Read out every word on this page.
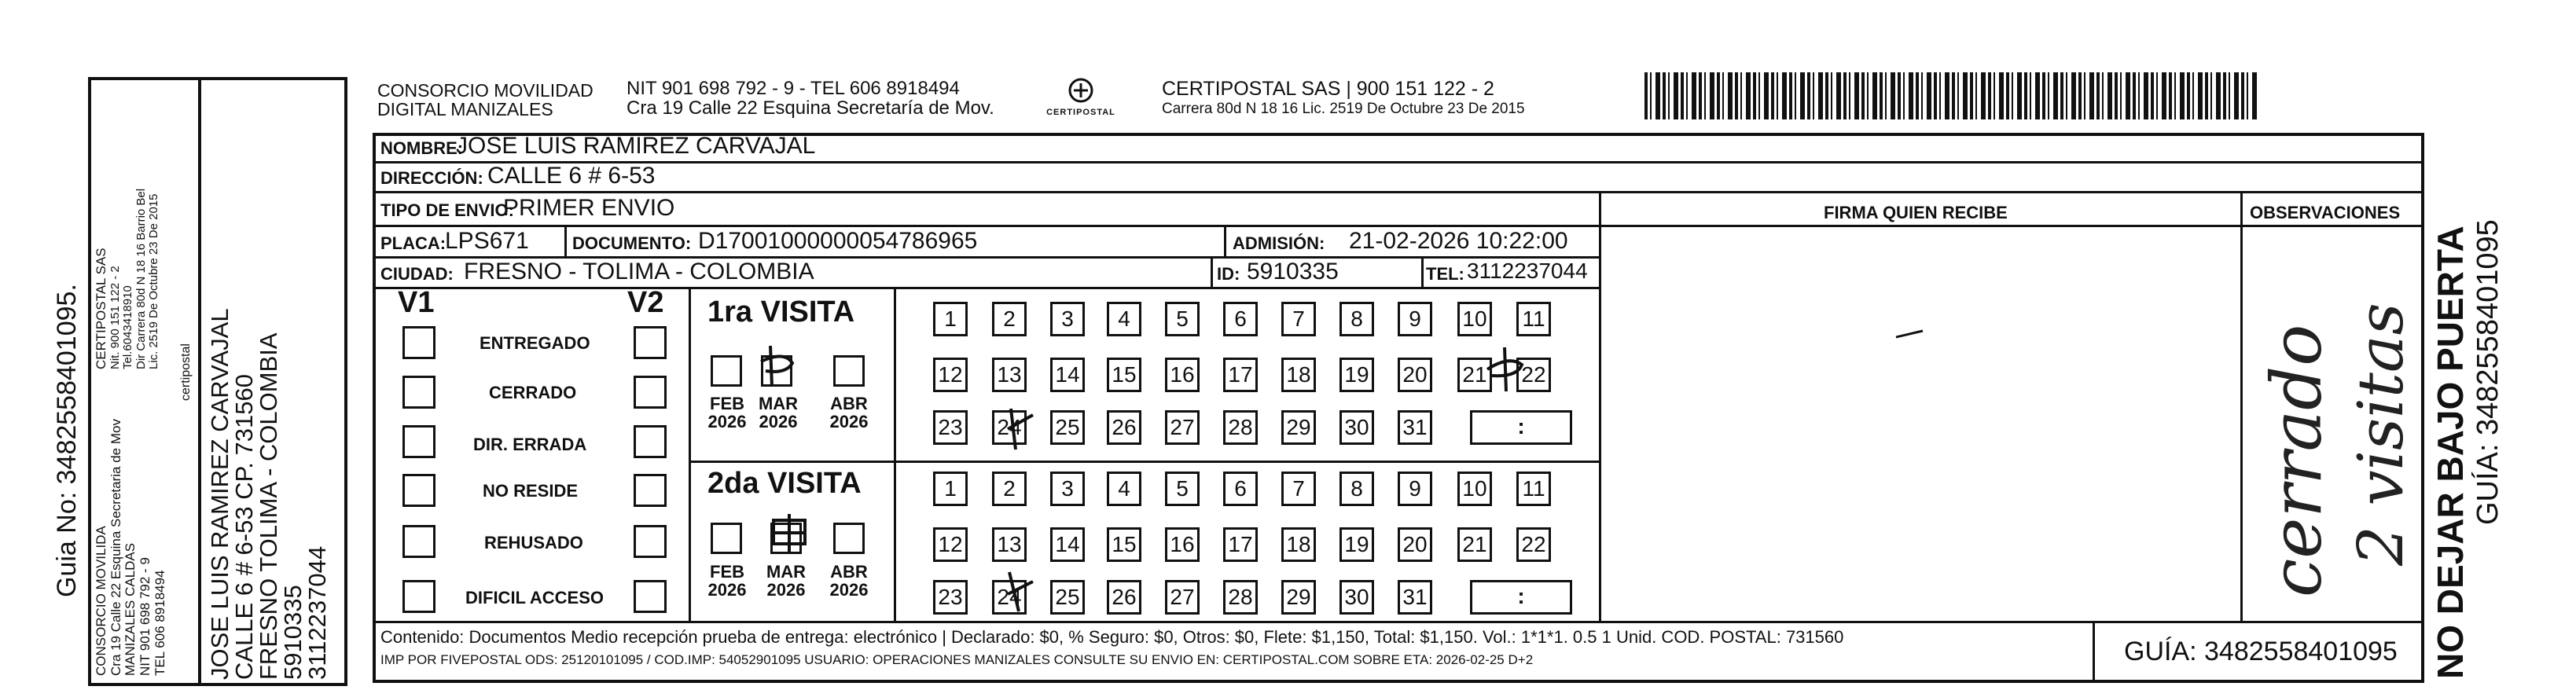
Guia No: 3482558401095.
CONSORCIO MOVILIDA Cra 19 Calle 22 Esquina Secretaria de Mov MANIZALES CALDAS NIT 901 698 792 - 9 TEL 606 8918494
CERTIPOSTAL SAS Nit. 900 151 122 - 2 Tel.6043418910 Dir Carrera 80d N 18 16 Barrio Bel Lic. 2519 De Octubre 23 De 2015
certipostal JOSE LUIS RAMIREZ CARVAJAL
CALLE 6 # 6-53 CP. 731560
FRESNO TOLIMA - COLOMBIA
5910335
3112237044
CONSORCIO MOVILIDAD
DIGITAL MANIZALES
NIT 901 698 792 - 9 - TEL 606 8918494
Cra 19 Calle 22 Esquina Secretaría de Mov.	CERTIPOSTAL
CERTIPOSTAL SAS | 900 151 122 - 2
Carrera 80d N 18 16 Lic. 2519 De Octubre 23 De 2015
NOMBRE:
JOSE LUIS RAMIREZ CARVAJAL
DIRECCIÓN: CALLE 6 # 6-53
TIPO DE ENVIO:
PRIMER ENVIO	FIRMA QUIEN RECIBE	OBSERVACIONES
PLACA:
LPS671	DOCUMENTO: D17001000000054786965	ADMISIÓN: 21-02-2026 10:22:00
CIUDAD: FRESNO - TOLIMA - COLOMBIA	ID: 5910335	TEL: 3112237044
V1	V2
ENTREGADO
CERRADO
DIR. ERRADA
NO RESIDE
REHUSADO
DIFICIL ACCESO
1ra VISITA
FEB
2026
MAR
2026
ABR
2026
2da VISITA
FEB
2026
MAR
2026
ABR
2026
1	2	3	4	5	6	7	8	9	10 11
12 13 14 15 16 17 18 19 20 21 22
23 24 25 26 27 28 29 30 31	:
1	2	3	4	5	6	7	8	9	10 11
12 13 14 15 16 17 18 19 20 21 22
23 24 25 26 27 28 29 30 31	:	cerrado 2 visitas
Contenido: Documentos Medio recepción prueba de entrega: electrónico | Declarado: $0, % Seguro: $0, Otros: $0, Flete: $1,150, Total: $1,150. Vol.: 1*1*1. 0.5 1 Unid. COD. POSTAL: 731560
IMP POR FIVEPOSTAL ODS: 25120101095 / COD.IMP: 54052901095 USUARIO: OPERACIONES MANIZALES CONSULTE SU ENVIO EN: CERTIPOSTAL.COM SOBRE ETA: 2026-02-25 D+2	GUÍA: 3482558401095 NO DEJAR BAJO PUERTA GUÍA: 3482558401095
